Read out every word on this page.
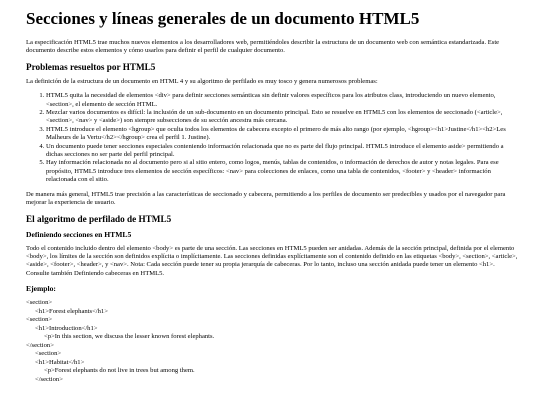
Secciones y líneas generales de un documento HTML5

La especificación HTML5 trae muchos nuevos elementos a los desarrolladores web, permitiéndoles describir la estructura de un documento web con semántica estandarizada. Este documento describe estos elementos y cómo usarlos para definir el perfil de cualquier documento.

Problemas resueltos por HTML5

La definición de la estructura de un documento en HTML 4 y su algoritmo de perfilado es muy tosco y genera numerosos problemas:

1. HTML5 quita la necesidad de elementos <div> para definir secciones semánticas sin definir valores específicos para los atributos class, introduciendo un nuevo elemento, <section>, el elemento de sección HTML.
2. Mezclar varios documentos es difícil: la inclusión de un sub-documento en un documento principal. Esto se resuelve en HTML5 con los elementos de seccionado (<article>, <section>, <nav> y <aside>) son siempre subsecciones de su sección ancestra más cercana.
3. HTML5 introduce el elemento <hgroup> que oculta todos los elementos de cabecera excepto el primero de más alto rango (por ejemplo, <hgroup><h1>Justine</h1><h2>Les Malheurs de la Vertu</h2></hgroup> crea el perfil 1. Justine).
4. Un documento puede tener secciones especiales conteniendo información relacionada que no es parte del flujo principal. HTML5 introduce el elemento aside> permitiendo a dichas secciones no ser parte del perfil principal.
5. Hay información relacionada no al documento pero si al sitio entero, como logos, menús, tablas de contenidos, o información de derechos de autor y notas legales. Para ese propósito, HTML5 introduce tres elementos de sección específicos: <nav> para colecciones de enlaces, como una tabla de contenidos, <footer> y <header> información relacionada con el sitio.

De manera más general, HTML5 trae precisión a las características de seccionado y cabecera, permitiendo a los perfiles de documento ser predecibles y usados por el navegador para mejorar la experiencia de usuario.

El algoritmo de perfilado de HTML5
Definiendo secciones en HTML5

Todo el contenido incluido dentro del elemento <body> es parte de una sección. Las secciones en HTML5 pueden ser anidadas. Además de la sección principal, definida por el elemento <body>, los límites de la sección son definidos explícita o implícitamente. Las secciones definidas explícitamente son el contenido definido en las etiquetas <body>, <section>, <article>, <aside>, <footer>, <header>, y <nav>. Nota: Cada sección puede tener su propia jerarquía de cabeceras. Por lo tanto, incluso una sección anidada puede tener un elemento <h1>. Consulte también Definiendo cabeceras en HTML5.

Ejemplo:
<section>
<h1>Forest elephants</h1>
<section>
<h1>Introduction</h1>
<p>In this section, we discuss the lesser known forest elephants.
</section>
<section>
<h1>Habitat</h1>
<p>Forest elephants do not live in trees but among them.
</section>
